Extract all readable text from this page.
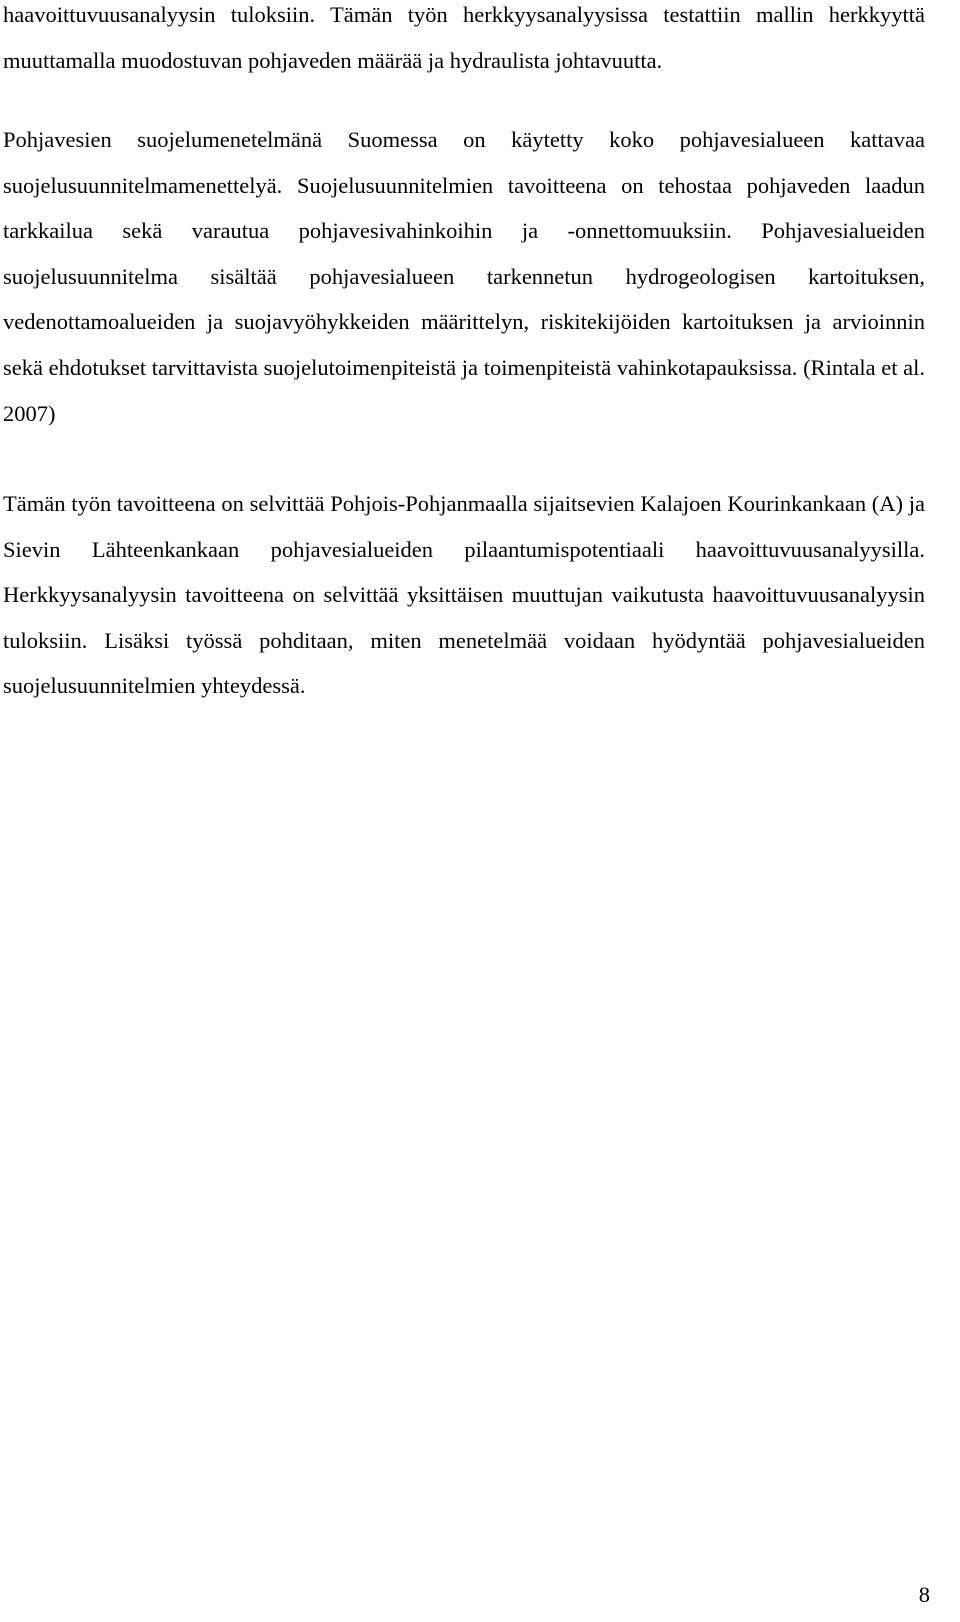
haavoittuvuusanalyysin tuloksiin. Tämän työn herkkyysanalyysissa testattiin mallin herkkyyttä muuttamalla muodostuvan pohjaveden määrää ja hydraulista johtavuutta.

Pohjavesien suojelumenetelmänä Suomessa on käytetty koko pohjavesialueen kattavaa suojelusuunnitelmamenettelyä. Suojelusuunnitelmien tavoitteena on tehostaa pohjaveden laadun tarkkailua sekä varautua pohjavesivahinkoihin ja -onnettomuuksiin. Pohjavesialueiden suojelusuunnitelma sisältää pohjavesialueen tarkennetun hydrogeologisen kartoituksen, vedenottamoalueiden ja suojavyöhykkeiden määrittelyn, riskitekijöiden kartoituksen ja arvioinnin sekä ehdotukset tarvittavista suojelutoimenpiteistä ja toimenpiteistä vahinkotapauksissa. (Rintala et al. 2007)

Tämän työn tavoitteena on selvittää Pohjois-Pohjanmaalla sijaitsevien Kalajoen Kourinkankaan (A) ja Sievin Lähteenkankaan pohjavesialueiden pilaantumispotentiaali haavoittuvuusanalyysilla. Herkkyysanalyysin tavoitteena on selvittää yksittäisen muuttujan vaikutusta haavoittuvuusanalyysin tuloksiin. Lisäksi työssä pohditaan, miten menetelmää voidaan hyödyntää pohjavesialueiden suojelusuunnitelmien yhteydessä.

8
